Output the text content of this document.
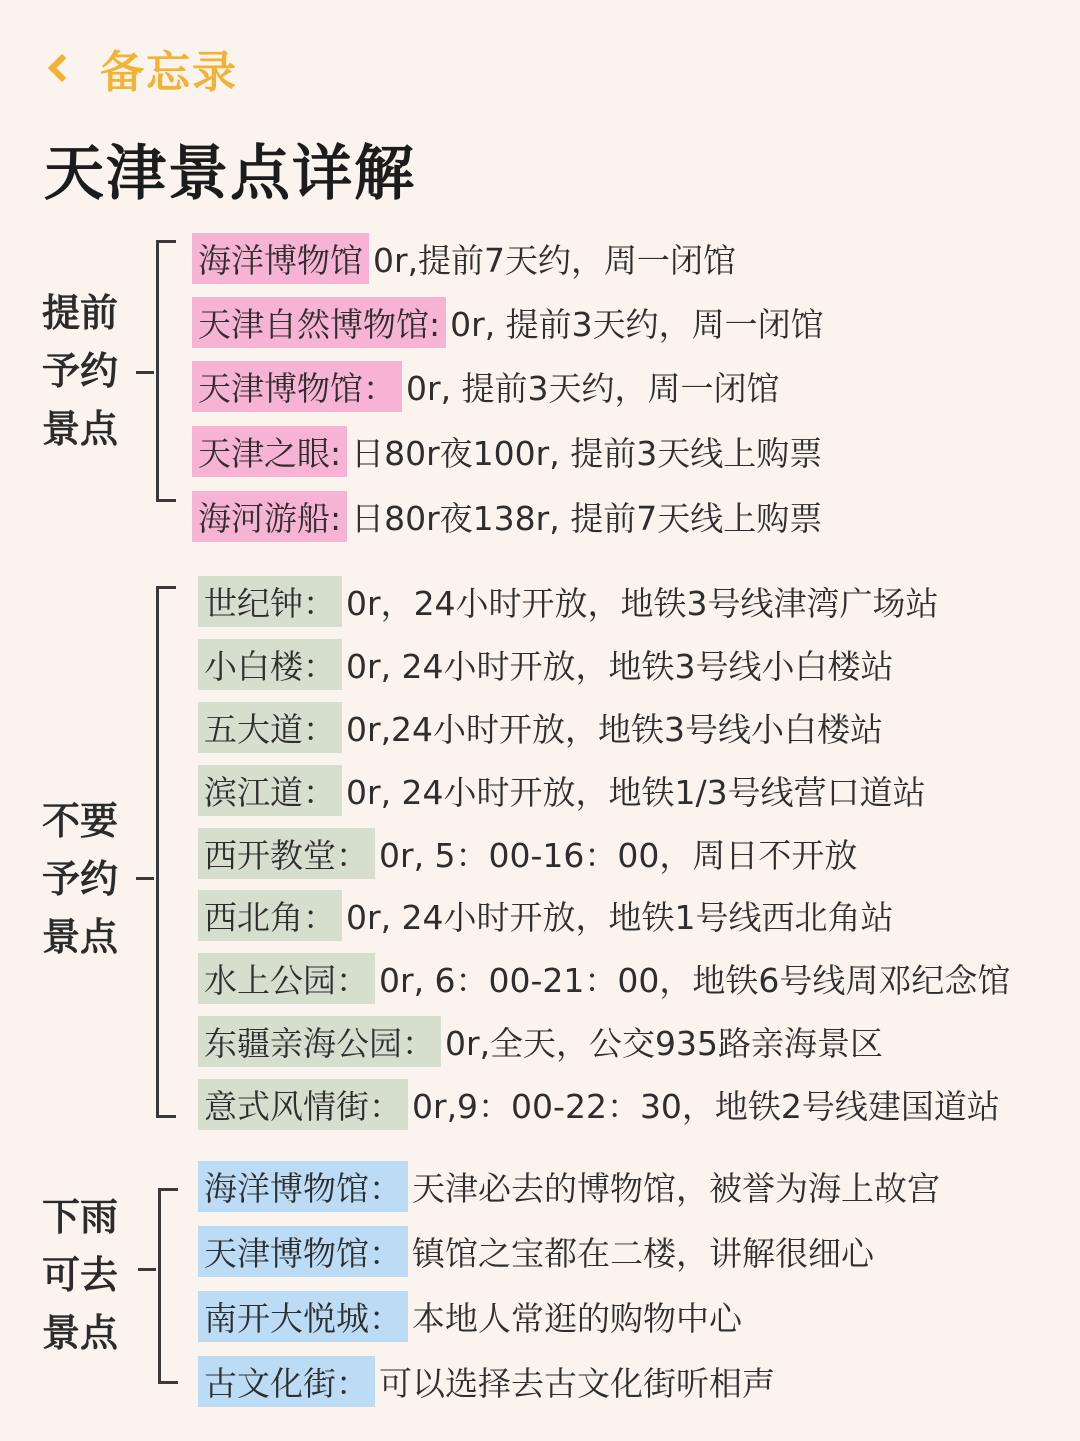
备忘录
天津景点详解
提前
予约
景点
海洋博物馆 0r,提前7天约，周一闭馆
天津自然博物馆: 0r, 提前3天约，周一闭馆
天津博物馆： 0r, 提前3天约，周一闭馆
天津之眼: 日80r夜100r, 提前3天线上购票
海河游船: 日80r夜138r, 提前7天线上购票
不要
予约
景点
世纪钟： 0r，24小时开放，地铁3号线津湾广场站
小白楼： 0r, 24小时开放，地铁3号线小白楼站
五大道： 0r,24小时开放，地铁3号线小白楼站
滨江道： 0r, 24小时开放，地铁1/3号线营口道站
西开教堂： 0r, 5：00-16：00，周日不开放
西北角： 0r, 24小时开放，地铁1号线西北角站
水上公园： 0r, 6：00-21：00，地铁6号线周邓纪念馆
东疆亲海公园： 0r,全天，公交935路亲海景区
意式风情街： 0r,9：00-22：30，地铁2号线建国道站
下雨
可去
景点
海洋博物馆： 天津必去的博物馆，被誉为海上故宫
天津博物馆： 镇馆之宝都在二楼，讲解很细心
南开大悦城： 本地人常逛的购物中心
古文化街： 可以选择去古文化街听相声
